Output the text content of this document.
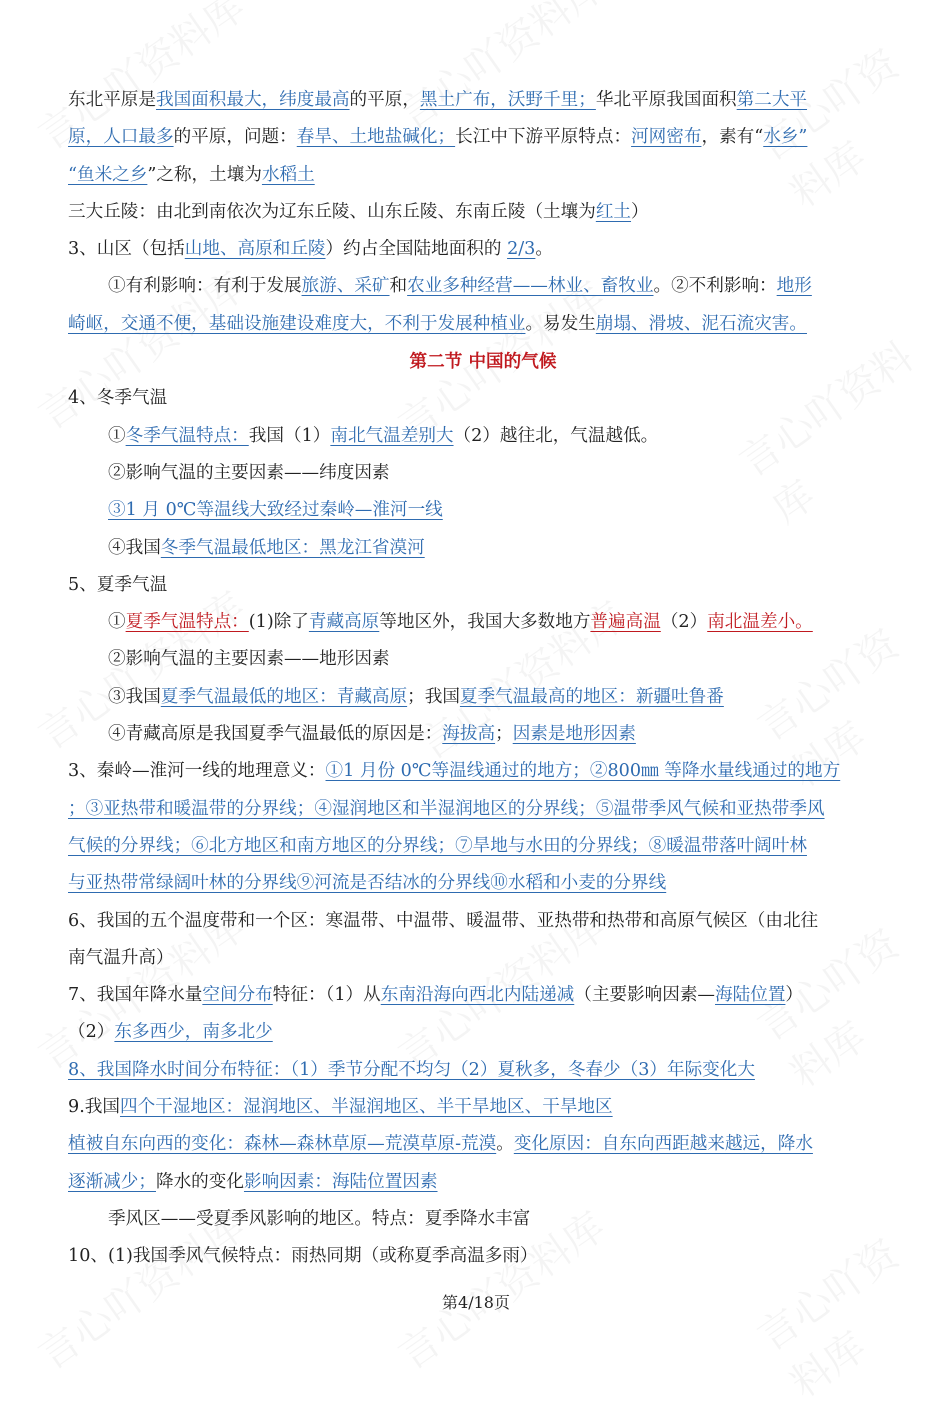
东北平原是我国面积最大，纬度最高的平原，黑土广布，沃野千里；华北平原我国面积第二大平
原，人口最多的平原，问题：春旱、土地盐碱化；长江中下游平原特点：河网密布，素有“水乡”
“鱼米之乡”之称，土壤为水稻土
三大丘陵：由北到南依次为辽东丘陵、山东丘陵、东南丘陵（土壤为红土）
3、山区（包括山地、高原和丘陵）约占全国陆地面积的 2/3。
①有利影响：有利于发展旅游、采矿和农业多种经营——林业、畜牧业。②不利影响：地形
崎岖，交通不便，基础设施建设难度大，不利于发展种植业。易发生崩塌、滑坡、泥石流灾害。
第二节 中国的气候
4、冬季气温
①冬季气温特点：我国（1）南北气温差别大（2）越往北，气温越低。
②影响气温的主要因素——纬度因素
③1 月 0℃等温线大致经过秦岭—淮河一线
④我国冬季气温最低地区：黑龙江省漠河
5、夏季气温
①夏季气温特点：(1)除了青藏高原等地区外，我国大多数地方普遍高温（2）南北温差小。
②影响气温的主要因素——地形因素
③我国夏季气温最低的地区：青藏高原；我国夏季气温最高的地区：新疆吐鲁番
④青藏高原是我国夏季气温最低的原因是：海拔高；因素是地形因素
3、秦岭—淮河一线的地理意义：①1 月份 0℃等温线通过的地方；②800㎜ 等降水量线通过的地方
；③亚热带和暖温带的分界线；④湿润地区和半湿润地区的分界线；⑤温带季风气候和亚热带季风
气候的分界线；⑥北方地区和南方地区的分界线；⑦旱地与水田的分界线；⑧暖温带落叶阔叶林
与亚热带常绿阔叶林的分界线⑨河流是否结冰的分界线⑩水稻和小麦的分界线
6、我国的五个温度带和一个区：寒温带、中温带、暖温带、亚热带和热带和高原气候区（由北往
南气温升高）
7、我国年降水量空间分布特征：（1）从东南沿海向西北内陆递减（主要影响因素—海陆位置）
（2）东多西少，南多北少
8、我国降水时间分布特征：（1）季节分配不均匀（2）夏秋多，冬春少（3）年际变化大
9.我国四个干湿地区：湿润地区、半湿润地区、半干旱地区、干旱地区
植被自东向西的变化：森林—森林草原—荒漠草原-荒漠。变化原因：自东向西距越来越远，降水
逐渐减少；降水的变化影响因素：海陆位置因素
季风区——受夏季风影响的地区。特点：夏季降水丰富
10、(1)我国季风气候特点：雨热同期（或称夏季高温多雨）
第4/18页
